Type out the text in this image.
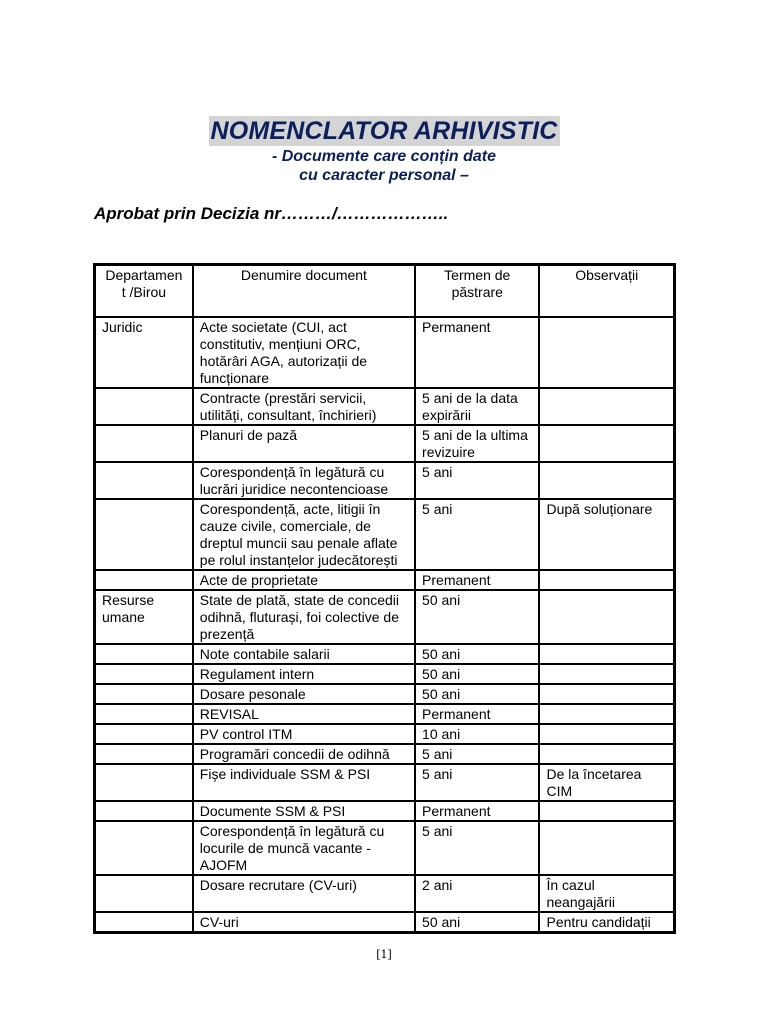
NOMENCLATOR ARHIVISTIC
- Documente care conțin date
cu caracter personal –
Aprobat prin Decizia nr………/………………..
Departamen t /Birou	Denumire document	Termen de păstrare	Observații
Juridic	Acte societate (CUI, act constitutiv, mențiuni ORC, hotărâri AGA, autorizații de funcționare	Permanent	
	Contracte (prestări servicii, utilități, consultant, închirieri)	5 ani de la data expirării	
	Planuri de pază	5 ani de la ultima revizuire	
	Corespondență în legătură cu lucrări juridice necontencioase	5 ani	
	Corespondență, acte, litigii în cauze civile, comerciale, de dreptul muncii sau penale aflate pe rolul instanțelor judecătorești	5 ani	După soluționare
	Acte de proprietate	Premanent	
Resurse umane	State de plată, state de concedii odihnă, fluturași, foi colective de prezență	50 ani	
	Note contabile salarii	50 ani	
	Regulament intern	50 ani	
	Dosare pesonale	50 ani	
	REVISAL	Permanent	
	PV control ITM	10 ani	
	Programări concedii de odihnă	5 ani	
	Fișe individuale SSM & PSI	5 ani	De la încetarea CIM
	Documente SSM & PSI	Permanent	
	Corespondență în legătură cu locurile de muncă vacante - AJOFM	5 ani	
	Dosare recrutare (CV-uri)	2 ani	În cazul neangajării
	CV-uri	50 ani	Pentru candidații
[1]
